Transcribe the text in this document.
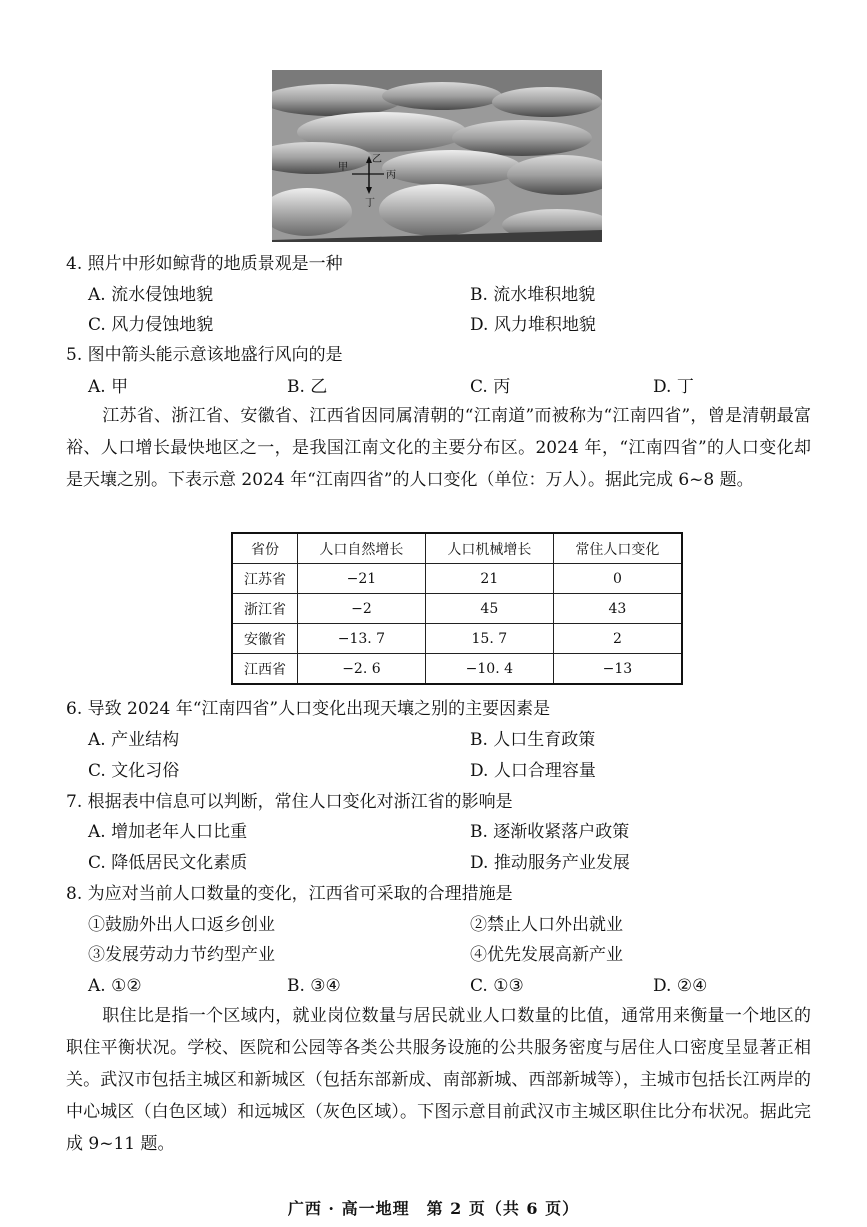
甲
乙
丙
丁
4. 照片中形如鲸背的地质景观是一种
A. 流水侵蚀地貌	B. 流水堆积地貌
C. 风力侵蚀地貌	D. 风力堆积地貌
5. 图中箭头能示意该地盛行风向的是
A. 甲	B. 乙	C. 丙	D. 丁
江苏省、浙江省、安徽省、江西省因同属清朝的“江南道”而被称为“江南四省”，曾是清朝最富裕、人口增长最快地区之一，是我国江南文化的主要分布区。2024 年，“江南四省”的人口变化却是天壤之别。下表示意 2024 年“江南四省”的人口变化（单位：万人）。据此完成 6~8 题。
省份	人口自然增长	人口机械增长	常住人口变化
江苏省	−21	21	0
浙江省	−2	45	43
安徽省	−13. 7	15. 7	2
江西省	−2. 6	−10. 4	−13
6. 导致 2024 年“江南四省”人口变化出现天壤之别的主要因素是
A. 产业结构	B. 人口生育政策
C. 文化习俗	D. 人口合理容量
7. 根据表中信息可以判断，常住人口变化对浙江省的影响是
A. 增加老年人口比重	B. 逐渐收紧落户政策
C. 降低居民文化素质	D. 推动服务产业发展
8. 为应对当前人口数量的变化，江西省可采取的合理措施是
①鼓励外出人口返乡创业	②禁止人口外出就业
③发展劳动力节约型产业	④优先发展高新产业
A. ①②	B. ③④	C. ①③	D. ②④
职住比是指一个区域内，就业岗位数量与居民就业人口数量的比值，通常用来衡量一个地区的职住平衡状况。学校、医院和公园等各类公共服务设施的公共服务密度与居住人口密度呈显著正相关。武汉市包括主城区和新城区（包括东部新成、南部新城、西部新城等），主城市包括长江两岸的中心城区（白色区域）和远城区（灰色区域）。下图示意目前武汉市主城区职住比分布状况。据此完成 9~11 题。
广西 · 高一地理　第 2 页（共 6 页）
